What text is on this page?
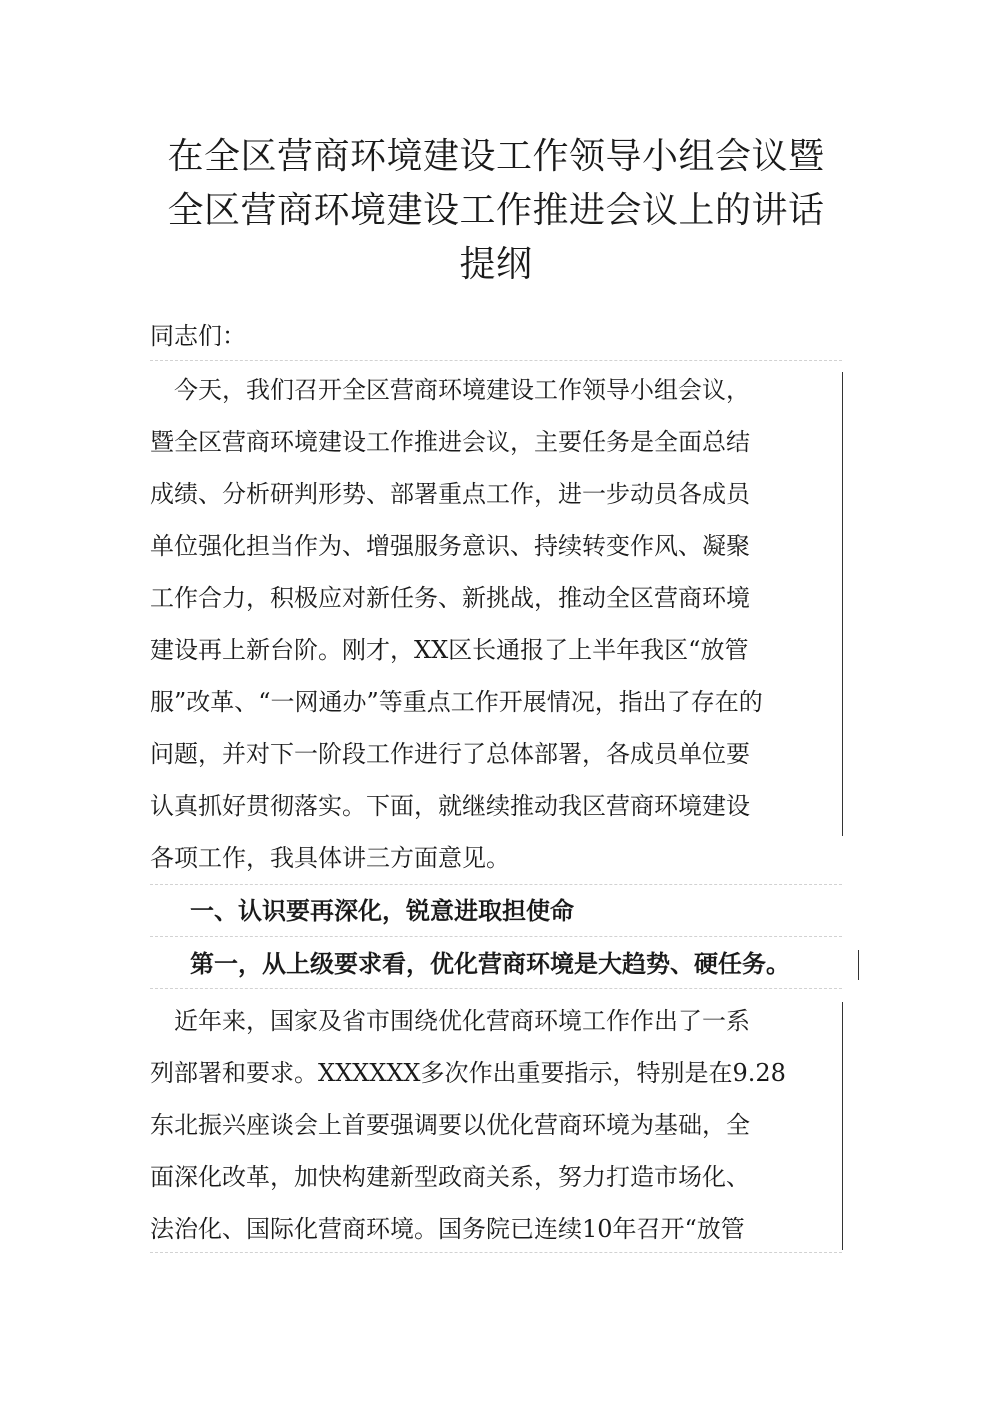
在全区营商环境建设工作领导小组会议暨
全区营商环境建设工作推进会议上的讲话
提纲
同志们：
　今天，我们召开全区营商环境建设工作领导小组会议，
暨全区营商环境建设工作推进会议，主要任务是全面总结
成绩、分析研判形势、部署重点工作，进一步动员各成员
单位强化担当作为、增强服务意识、持续转变作风、凝聚
工作合力，积极应对新任务、新挑战，推动全区营商环境
建设再上新台阶。刚才，XX区长通报了上半年我区“放管
服”改革、“一网通办”等重点工作开展情况，指出了存在的
问题，并对下一阶段工作进行了总体部署，各成员单位要
认真抓好贯彻落实。下面，就继续推动我区营商环境建设
各项工作，我具体讲三方面意见。
一、认识要再深化，锐意进取担使命
第一，从上级要求看，优化营商环境是大趋势、硬任务。
　近年来，国家及省市围绕优化营商环境工作作出了一系
列部署和要求。XXXXXX多次作出重要指示，特别是在9.28
东北振兴座谈会上首要强调要以优化营商环境为基础，全
面深化改革，加快构建新型政商关系，努力打造市场化、
法治化、国际化营商环境。国务院已连续10年召开“放管
